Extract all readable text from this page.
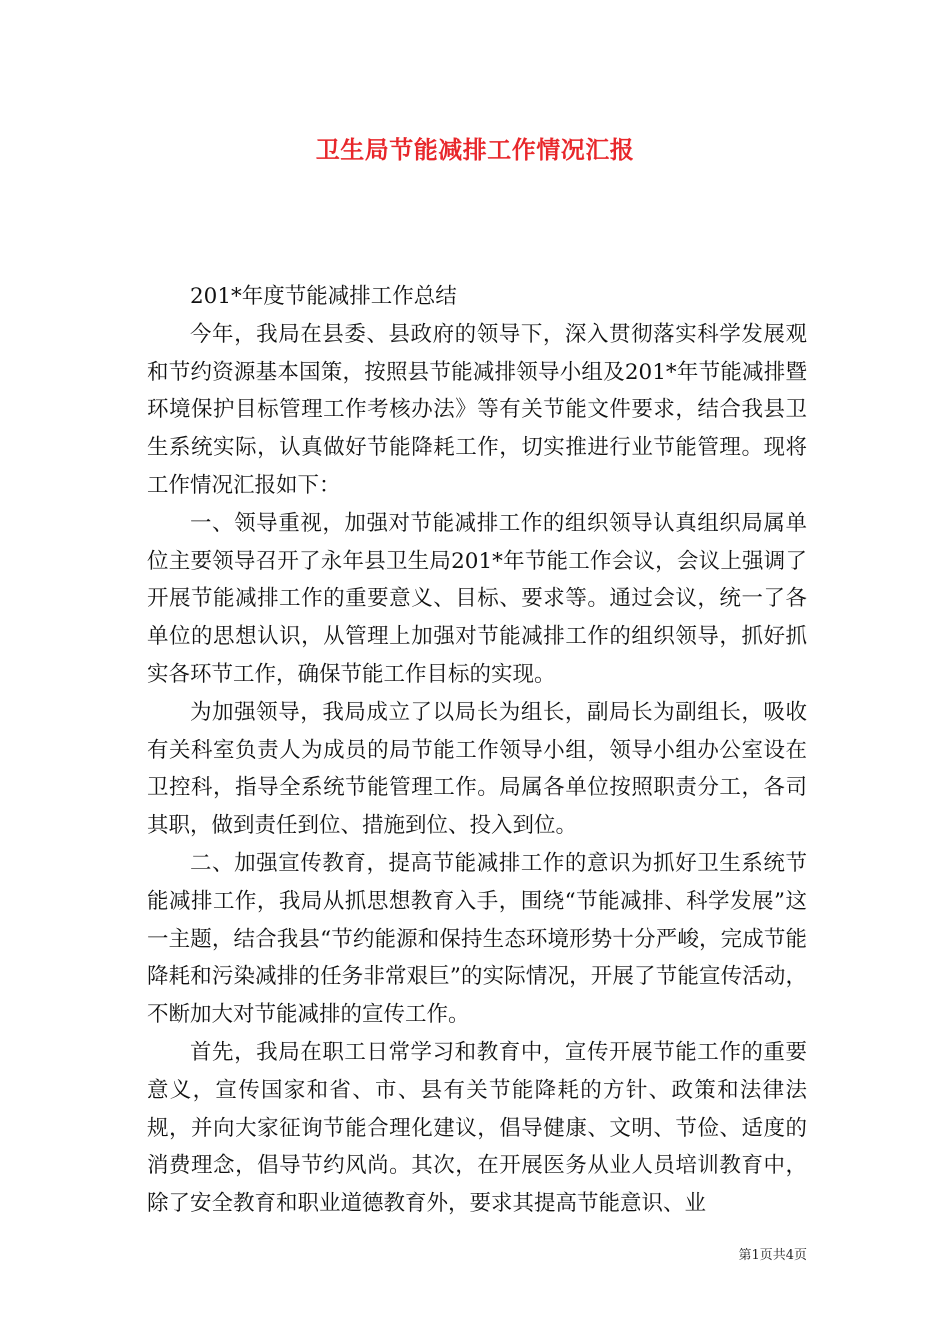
卫生局节能减排工作情况汇报

201*年度节能减排工作总结

今年，我局在县委、县政府的领导下，深入贯彻落实科学发展观和节约资源基本国策，按照县节能减排领导小组及201*年节能减排暨环境保护目标管理工作考核办法》等有关节能文件要求，结合我县卫生系统实际，认真做好节能降耗工作，切实推进行业节能管理。现将工作情况汇报如下：

一、领导重视，加强对节能减排工作的组织领导认真组织局属单位主要领导召开了永年县卫生局201*年节能工作会议，会议上强调了开展节能减排工作的重要意义、目标、要求等。通过会议，统一了各单位的思想认识，从管理上加强对节能减排工作的组织领导，抓好抓实各环节工作，确保节能工作目标的实现。

为加强领导，我局成立了以局长为组长，副局长为副组长，吸收有关科室负责人为成员的局节能工作领导小组，领导小组办公室设在卫控科，指导全系统节能管理工作。局属各单位按照职责分工，各司其职，做到责任到位、措施到位、投入到位。

二、加强宣传教育，提高节能减排工作的意识为抓好卫生系统节能减排工作，我局从抓思想教育入手，围绕“节能减排、科学发展”这一主题，结合我县“节约能源和保持生态环境形势十分严峻，完成节能降耗和污染减排的任务非常艰巨”的实际情况，开展了节能宣传活动，不断加大对节能减排的宣传工作。

首先，我局在职工日常学习和教育中，宣传开展节能工作的重要意义，宣传国家和省、市、县有关节能降耗的方针、政策和法律法规，并向大家征询节能合理化建议，倡导健康、文明、节俭、适度的消费理念，倡导节约风尚。其次，在开展医务从业人员培训教育中，除了安全教育和职业道德教育外，要求其提高节能意识、业

第1页共4页
